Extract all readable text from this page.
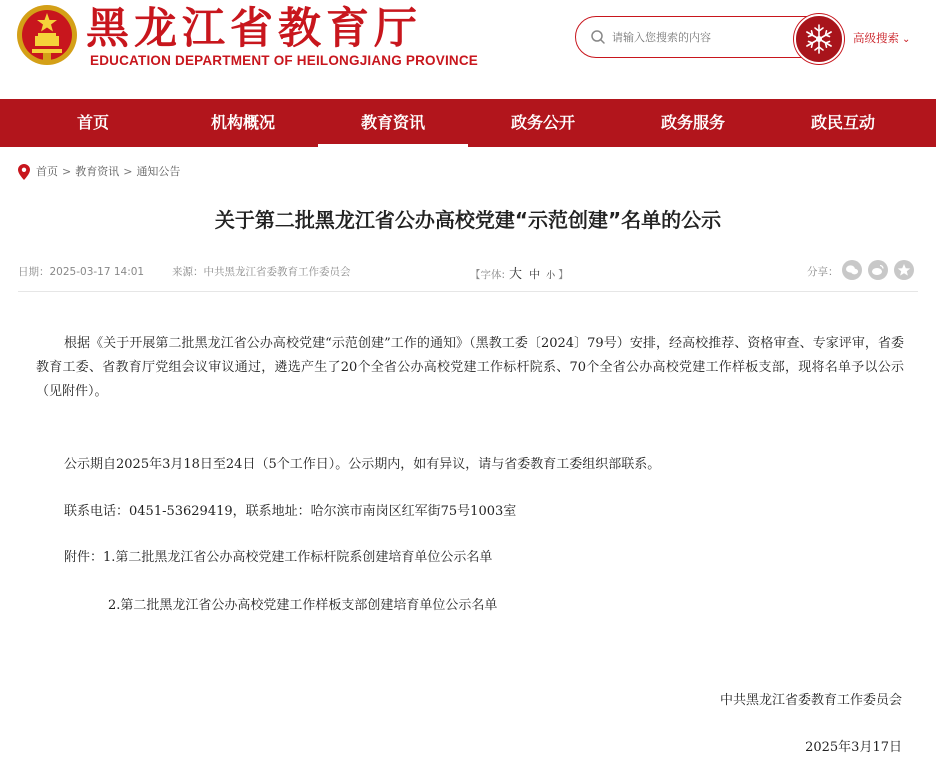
黑龙江省教育厅
EDUCATION DEPARTMENT OF HEILONGJIANG PROVINCE
请输入您搜索的内容
高级搜索 ⌄
首页	机构概况	教育资讯	政务公开	政务服务	政民互动
首页 > 教育资讯 > 通知公告
关于第二批黑龙江省公办高校党建“示范创建”名单的公示
日期：2025-03-17 14:01	来源：中共黑龙江省委教育工作委员会	【字体: 大 中 小 】	分享：

根据《关于开展第二批黑龙江省公办高校党建“示范创建”工作的通知》（黑教工委〔2024〕79号）安排，经高校推荐、资格审查、专家评审，省委教育工委、省教育厅党组会议审议通过，遴选产生了20个全省公办高校党建工作标杆院系、70个全省公办高校党建工作样板支部，现将名单予以公示（见附件）。

公示期自2025年3月18日至24日（5个工作日）。公示期内，如有异议，请与省委教育工委组织部联系。
联系电话：0451-53629419，联系地址：哈尔滨市南岗区红军街75号1003室
附件：1.第二批黑龙江省公办高校党建工作标杆院系创建培育单位公示名单
2.第二批黑龙江省公办高校党建工作样板支部创建培育单位公示名单
中共黑龙江省委教育工作委员会
2025年3月17日
